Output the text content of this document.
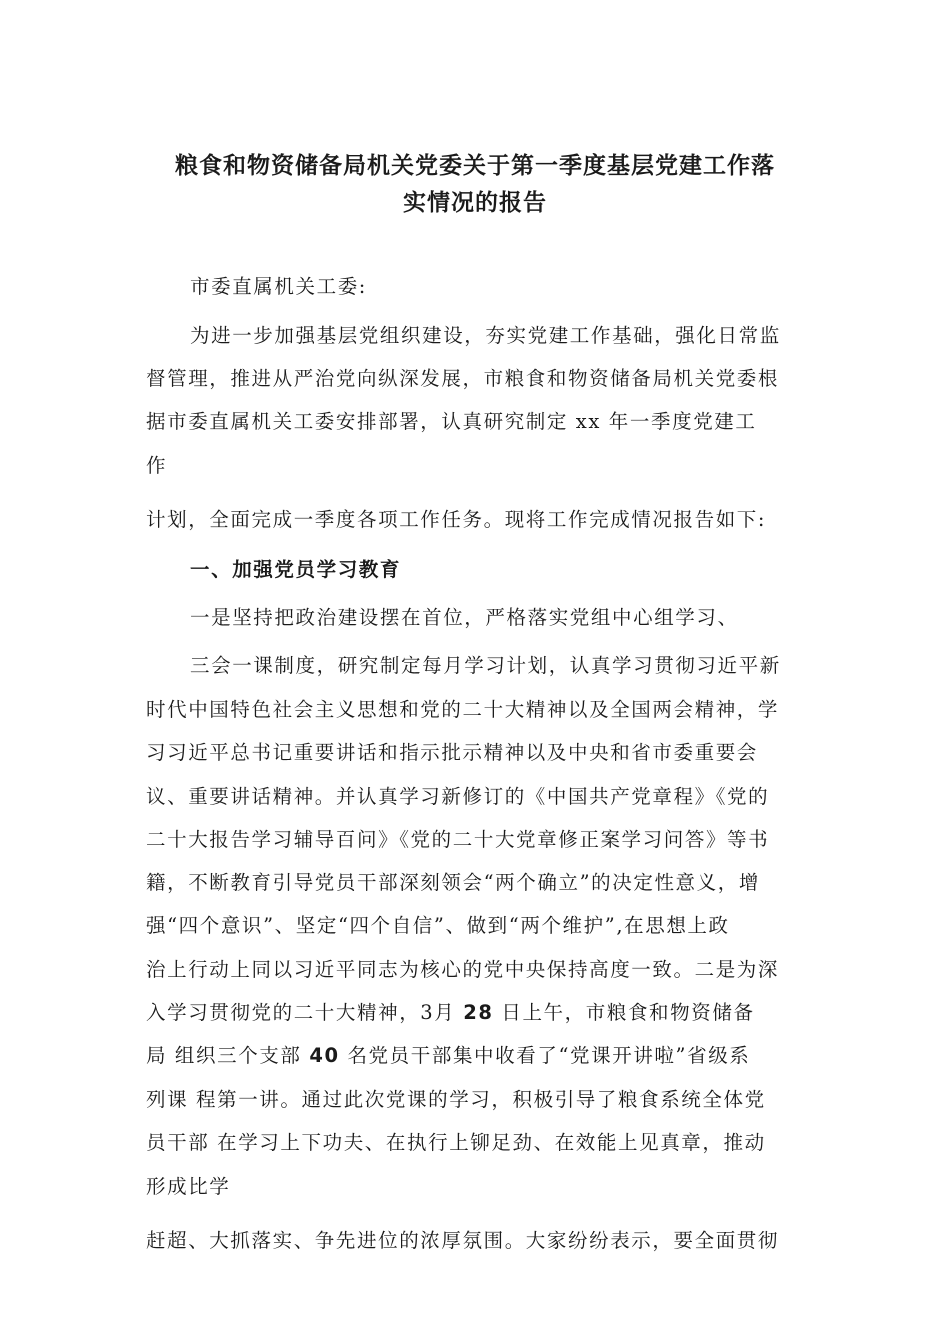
粮食和物资储备局机关党委关于第一季度基层党建工作落
实情况的报告

市委直属机关工委:

为进一步加强基层党组织建设，夯实党建工作基础，强化日常监

督管理，推进从严治党向纵深发展，市粮食和物资储备局机关党委根

据市委直属机关工委安排部署，认真研究制定 xx 年一季度党建工

作

计划，全面完成一季度各项工作任务。现将工作完成情况报告如下:

一、加强党员学习教育

一是坚持把政治建设摆在首位，严格落实党组中心组学习、

三会一课制度，研究制定每月学习计划，认真学习贯彻习近平新

时代中国特色社会主义思想和党的二十大精神以及全国两会精神，学

习习近平总书记重要讲话和指示批示精神以及中央和省市委重要会

议、重要讲话精神。并认真学习新修订的《中国共产党章程》《党的

二十大报告学习辅导百问》《党的二十大党章修正案学习问答》等书

籍，不断教育引导党员干部深刻领会“两个确立”的决定性意义，增

强“四个意识”、坚定“四个自信”、做到“两个维护”,在思想上政

治上行动上同以习近平同志为核心的党中央保持高度一致。二是为深

入学习贯彻党的二十大精神，3月 28 日上午，市粮食和物资储备

局 组织三个支部 40 名党员干部集中收看了“党课开讲啦”省级系

列课 程第一讲。通过此次党课的学习，积极引导了粮食系统全体党

员干部 在学习上下功夫、在执行上铆足劲、在效能上见真章，推动

形成比学

赶超、大抓落实、争先进位的浓厚氛围。大家纷纷表示，要全面贯彻
